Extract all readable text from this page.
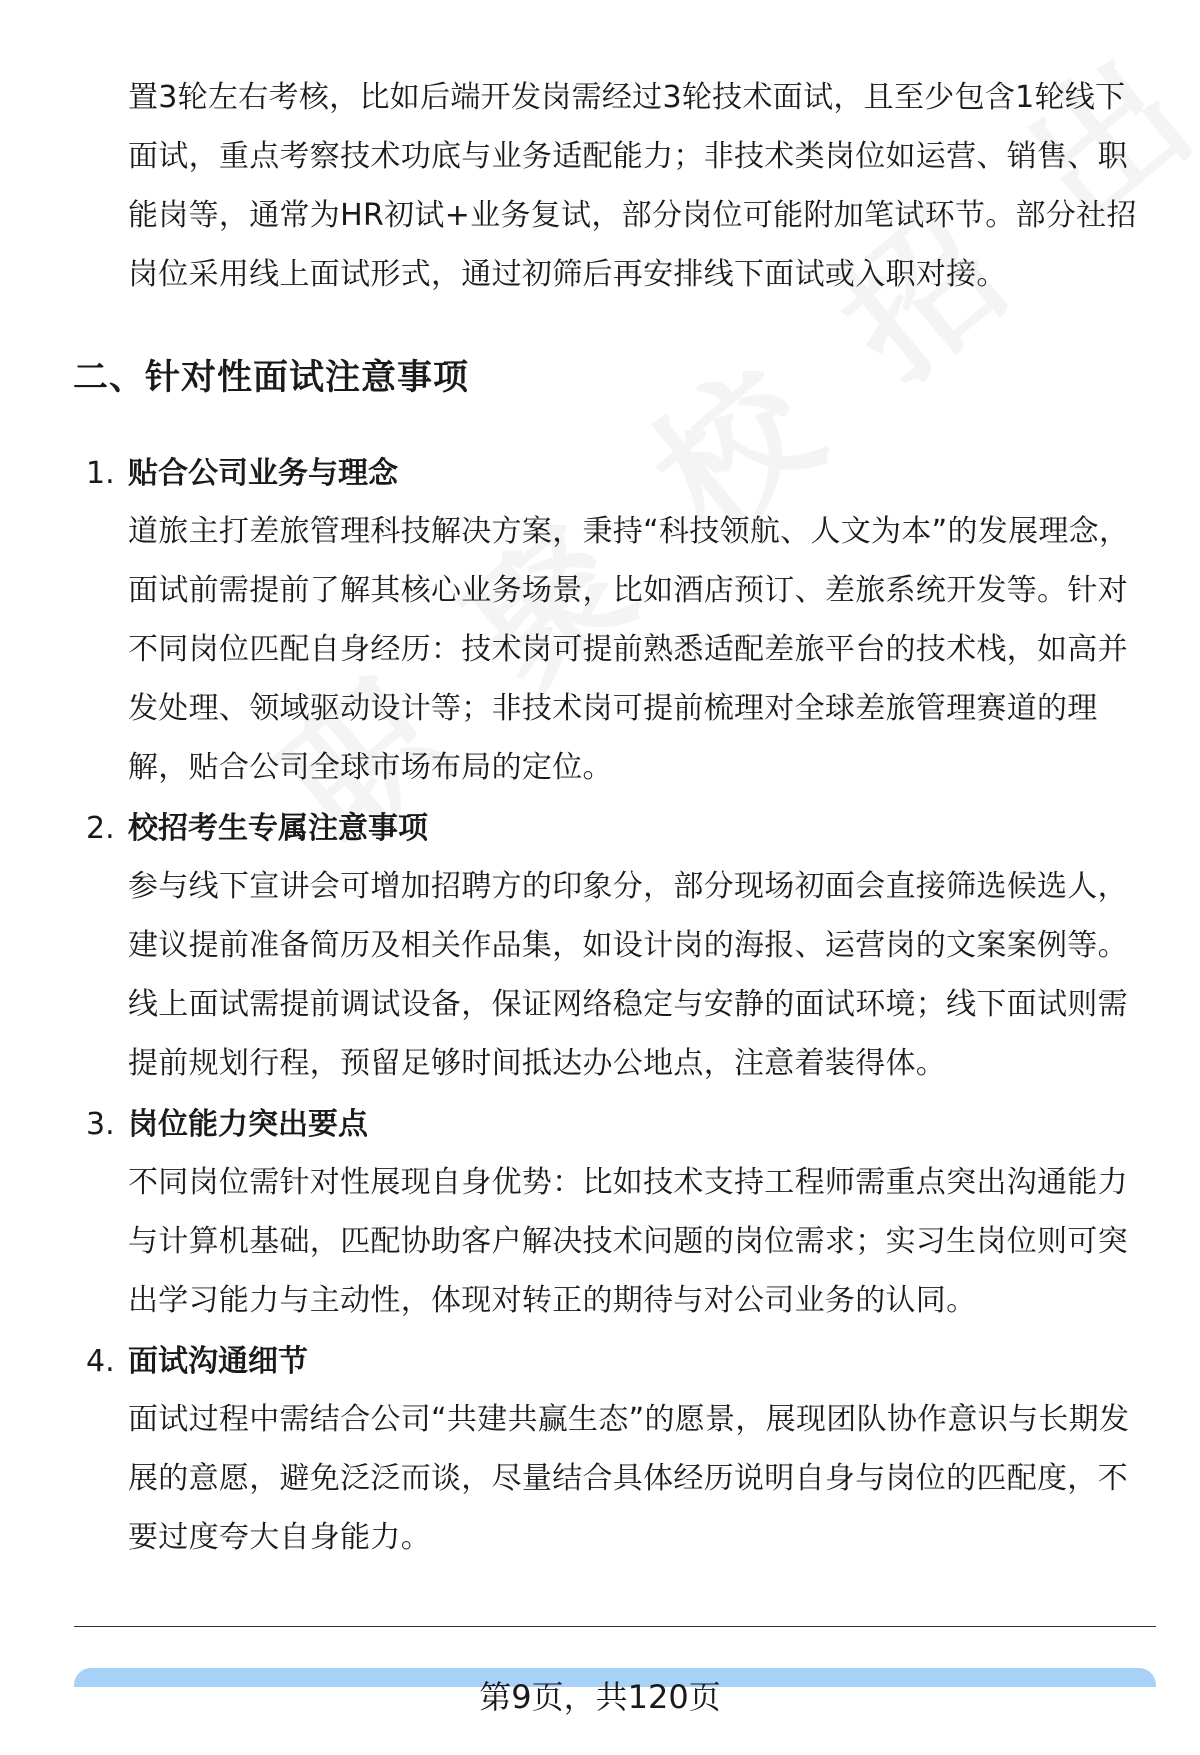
置3轮左右考核，比如后端开发岗需经过3轮技术面试，且至少包含1轮线下面试，重点考察技术功底与业务适配能力；非技术类岗位如运营、销售、职能岗等，通常为HR初试+业务复试，部分岗位可能附加笔试环节。部分社招岗位采用线上面试形式，通过初筛后再安排线下面试或入职对接。

二、针对性面试注意事项
1. 贴合公司业务与理念

道旅主打差旅管理科技解决方案，秉持“科技领航、人文为本”的发展理念，面试前需提前了解其核心业务场景，比如酒店预订、差旅系统开发等。针对不同岗位匹配自身经历：技术岗可提前熟悉适配差旅平台的技术栈，如高并发处理、领域驱动设计等；非技术岗可提前梳理对全球差旅管理赛道的理解，贴合公司全球市场布局的定位。

2. 校招考生专属注意事项

参与线下宣讲会可增加招聘方的印象分，部分现场初面会直接筛选候选人，建议提前准备简历及相关作品集，如设计岗的海报、运营岗的文案案例等。线上面试需提前调试设备，保证网络稳定与安静的面试环境；线下面试则需提前规划行程，预留足够时间抵达办公地点，注意着装得体。

3. 岗位能力突出要点

不同岗位需针对性展现自身优势：比如技术支持工程师需重点突出沟通能力与计算机基础，匹配协助客户解决技术问题的岗位需求；实习生岗位则可突出学习能力与主动性，体现对转正的期待与对公司业务的认同。

4. 面试沟通细节

面试过程中需结合公司“共建共赢生态”的愿景，展现团队协作意识与长期发展的意愿，避免泛泛而谈，尽量结合具体经历说明自身与岗位的匹配度，不要过度夸大自身能力。

第9页，共120页
